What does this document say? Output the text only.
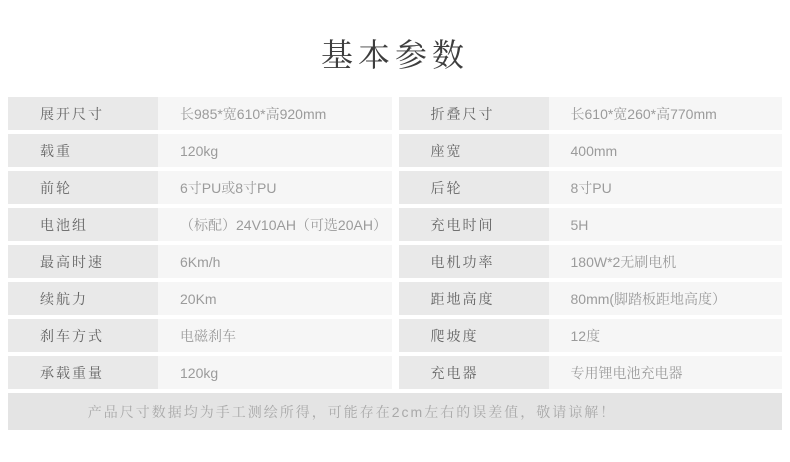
基本参数
展开尺寸	长985*宽610*高920mm	折叠尺寸	长610*宽260*高770mm
载重	120kg	座宽	400mm
前轮	6寸PU或8寸PU	后轮	8寸PU
电池组	（标配）24V10AH（可选20AH）	充电时间	5H
最高时速	6Km/h	电机功率	180W*2无刷电机
续航力	20Km	距地高度	80mm(脚踏板距地高度）
刹车方式	电磁刹车	爬坡度	12度
承载重量	120kg	充电器	专用锂电池充电器
产品尺寸数据均为手工测绘所得，可能存在2cm左右的误差值，敬请谅解！
